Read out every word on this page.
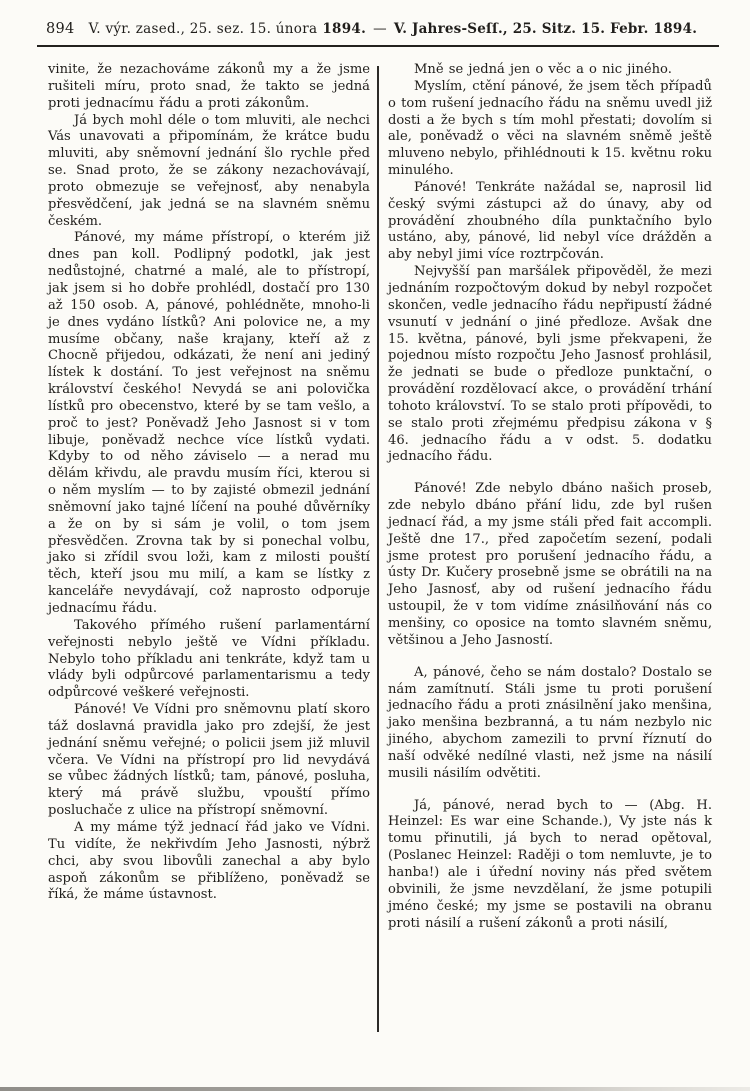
894 V. výr. zased., 25. sez. 15. února 1894. — V. Jahres-Seſſ., 25. Sitz. 15. Febr. 1894.

vinite, že nezachováme zákonů my a že jsme rušiteli míru, proto snad, že takto se jedná proti jednacímu řádu a proti zákonům.

Já bych mohl déle o tom mluviti, ale nechci Vás unavovati a připomínám, že krátce budu mluviti, aby sněmovní jednání šlo rychle před se. Snad proto, že se zákony nezachovávají, proto obmezuje se veřejnosť, aby nenabyla přesvědčení, jak jedná se na slavném sněmu českém.

Pánové, my máme přístropí, o kterém již dnes pan koll. Podlipný podotkl, jak jest nedůstojné, chatrné a malé, ale to přístropí, jak jsem si ho dobře prohlédl, dostačí pro 130 až 150 osob. A, pánové, pohlédněte, mnoho-li je dnes vydáno lístků? Ani polovice ne, a my musíme občany, naše krajany, kteří až z Chocně přijedou, odkázati, že není ani jediný lístek k dostání. To jest veřejnost na sněmu království českého! Nevydá se ani polovička lístků pro obecenstvo, které by se tam vešlo, a proč to jest? Poněvadž Jeho Jasnost si v tom libuje, poněvadž nechce více lístků vydati. Kdyby to od něho záviselo — a nerad mu dělám křivdu, ale pravdu musím říci, kterou si o něm myslím — to by zajisté obmezil jednání sněmovní jako tajné líčení na pouhé důvěrníky a že on by si sám je volil, o tom jsem přesvědčen. Zrovna tak by si ponechal volbu, jako si zřídil svou loži, kam z milosti pouští těch, kteří jsou mu milí, a kam se lístky z kanceláře nevydávají, což naprosto odporuje jednacímu řádu.

Takového přímého rušení parlamentární veřejnosti nebylo ještě ve Vídni příkladu. Nebylo toho příkladu ani tenkráte, když tam u vlády byli odpůrcové parlamentarismu a tedy odpůrcové veškeré veřejnosti.

Pánové! Ve Vídni pro sněmovnu platí skoro táž doslavná pravidla jako pro zdejší, že jest jednání sněmu veřejné; o policii jsem již mluvil včera. Ve Vídni na přístropí pro lid nevydává se vůbec žádných lístků; tam, pánové, posluha, který má právě službu, vpouští přímo posluchače z ulice na přístropí sněmovní.

A my máme týž jednací řád jako ve Vídni. Tu vidíte, že nekřivdím Jeho Jasnosti, nýbrž chci, aby svou libovůli zanechal a aby bylo aspoň zákonům se přiblíženo, poněvadž se říká, že máme ústavnost.

Mně se jedná jen o věc a o nic jiného.

Myslím, ctění pánové, že jsem těch případů o tom rušení jednacího řádu na sněmu uvedl již dosti a že bych s tím mohl přestati; dovolím si ale, poněvadž o věci na slavném sněmě ještě mluveno nebylo, přihlédnouti k 15. květnu roku minulého.

Pánové! Tenkráte nažádal se, naprosil lid český svými zástupci až do únavy, aby od provádění zhoubného díla punktačního bylo ustáno, aby, pánové, lid nebyl více drážděn a aby nebyl jimi více roztrpčován.

Nejvyšší pan maršálek připověděl, že mezi jednáním rozpočtovým dokud by nebyl rozpočet skončen, vedle jednacího řádu nepřipustí žádné vsunutí v jednání o jiné předloze. Avšak dne 15. května, pánové, byli jsme překvapeni, že pojednou místo rozpočtu Jeho Jasnosť prohlásil, že jednati se bude o předloze punktační, o provádění rozdělovací akce, o provádění trhání tohoto království. To se stalo proti přípovědi, to se stalo proti zřejmému předpisu zákona v § 46. jednacího řádu a v odst. 5. dodatku jednacího řádu.

Pánové! Zde nebylo dbáno našich proseb, zde nebylo dbáno přání lidu, zde byl rušen jednací řád, a my jsme stáli před fait accompli. Ještě dne 17., před započetím sezení, podali jsme protest pro porušení jednacího řádu, a ústy Dr. Kučery prosebně jsme se obrátili na na Jeho Jasnosť, aby od rušení jednacího řádu ustoupil, že v tom vidíme znásilňování nás co menšiny, co oposice na tomto slavném sněmu, většinou a Jeho Jasností.

A, pánové, čeho se nám dostalo? Dostalo se nám zamítnutí. Stáli jsme tu proti porušení jednacího řádu a proti znásilnění jako menšina, jako menšina bezbranná, a tu nám nezbylo nic jiného, abychom zamezili to první říznutí do naší odvěké nedílné vlasti, než jsme na násilí musili násilím odvětiti.

Já, pánové, nerad bych to — (Abg. H. Heinzel: Es war eine Schande.), Vy jste nás k tomu přinutili, já bych to nerad opětoval, (Poslanec Heinzel: Raději o tom nemluvte, je to hanba!) ale i úřední noviny nás před světem obvinili, že jsme nevzdělaní, že jsme potupili jméno české; my jsme se postavili na obranu proti násilí a rušení zákonů a proti násilí,
